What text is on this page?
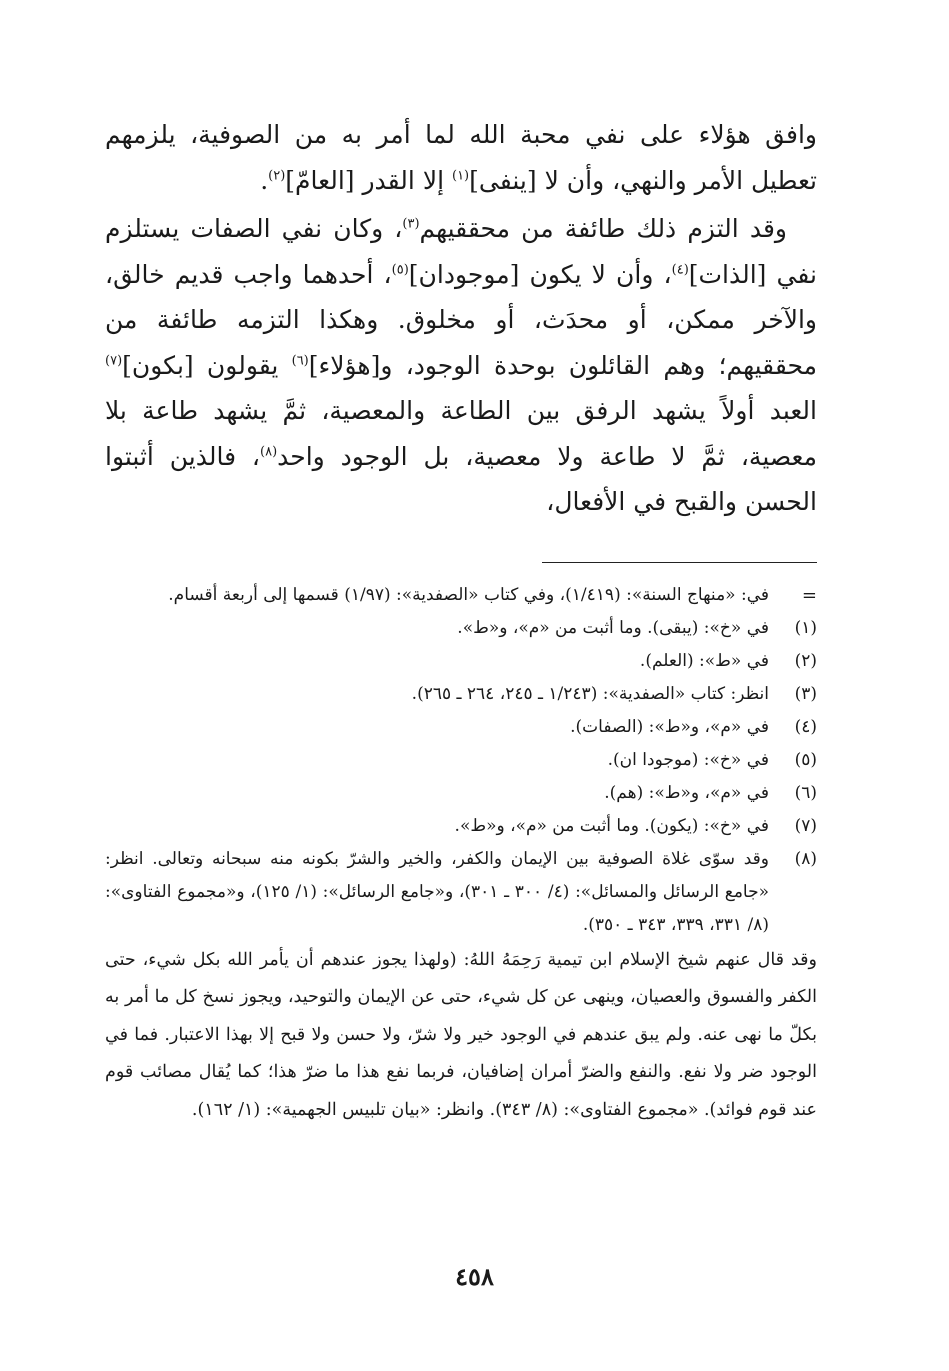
وافق هؤلاء على نفي محبة الله لما أمر به من الصوفية، يلزمهم تعطيل الأمر والنهي، وأن لا [ينفى]$^{(١)}$ إلا القدر [العامّ]$^{(٢)}$.

وقد التزم ذلك طائفة من محققيهم$^{(٣)}$، وكان نفي الصفات يستلزم نفي [الذات]$^{(٤)}$، وأن لا يكون [موجودان]$^{(٥)}$، أحدهما واجب قديم خالق، والآخر ممكن، أو محدَث، أو مخلوق. وهكذا التزمه طائفة من محققيهم؛ وهم القائلون بوحدة الوجود، و[هؤلاء]$^{(٦)}$ يقولون [بكون]$^{(٧)}$ العبد أولاً يشهد الرفق بين الطاعة والمعصية، ثمَّ يشهد طاعة بلا معصية، ثمَّ لا طاعة ولا معصية، بل الوجود واحد$^{(٨)}$، فالذين أثبتوا الحسن والقبح في الأفعال،

=
في: «منهاج السنة»: (١/٤١٩)، وفي كتاب «الصفدية»: (١/٩٧) قسمها إلى أربعة أقسام.
(١)
في «خ»: (يبقى). وما أثبت من «م»، و«ط».
(٢)
في «ط»: (العلم).
(٣)
انظر: كتاب «الصفدية»: (١/٢٤٣ ـ ٢٤٥، ٢٦٤ ـ ٢٦٥).
(٤)
في «م»، و«ط»: (الصفات).
(٥)
في «خ»: (موجودا ان).
(٦)
في «م»، و«ط»: (هم).
(٧)
في «خ»: (يكون). وما أثبت من «م»، و«ط».
(٨)
وقد سوّى غلاة الصوفية بين الإيمان والكفر، والخير والشرّ بكونه منه سبحانه وتعالى. انظر: «جامع الرسائل والمسائل»: (٤/ ٣٠٠ ـ ٣٠١)، و«جامع الرسائل»: (١/ ١٢٥)، و«مجموع الفتاوى»: (٨/ ٣٣١، ٣٣٩، ٣٤٣ ـ ٣٥٠).
وقد قال عنهم شيخ الإسلام ابن تيمية رَحِمَهُ اللهُ: (ولهذا يجوز عندهم أن يأمر الله بكل شيء، حتى الكفر والفسوق والعصيان، وينهى عن كل شيء، حتى عن الإيمان والتوحيد، ويجوز نسخ كل ما أمر به بكلّ ما نهى عنه. ولم يبق عندهم في الوجود خير ولا شرّ، ولا حسن ولا قبح إلا بهذا الاعتبار. فما في الوجود ضر ولا نفع. والنفع والضرّ أمران إضافيان، فربما نفع هذا ما ضرّ هذا؛ كما يُقال مصائب قوم عند قوم فوائد). «مجموع الفتاوى»: (٨/ ٣٤٣). وانظر: «بيان تلبيس الجهمية»: (١/ ١٦٢).
٤٥٨
